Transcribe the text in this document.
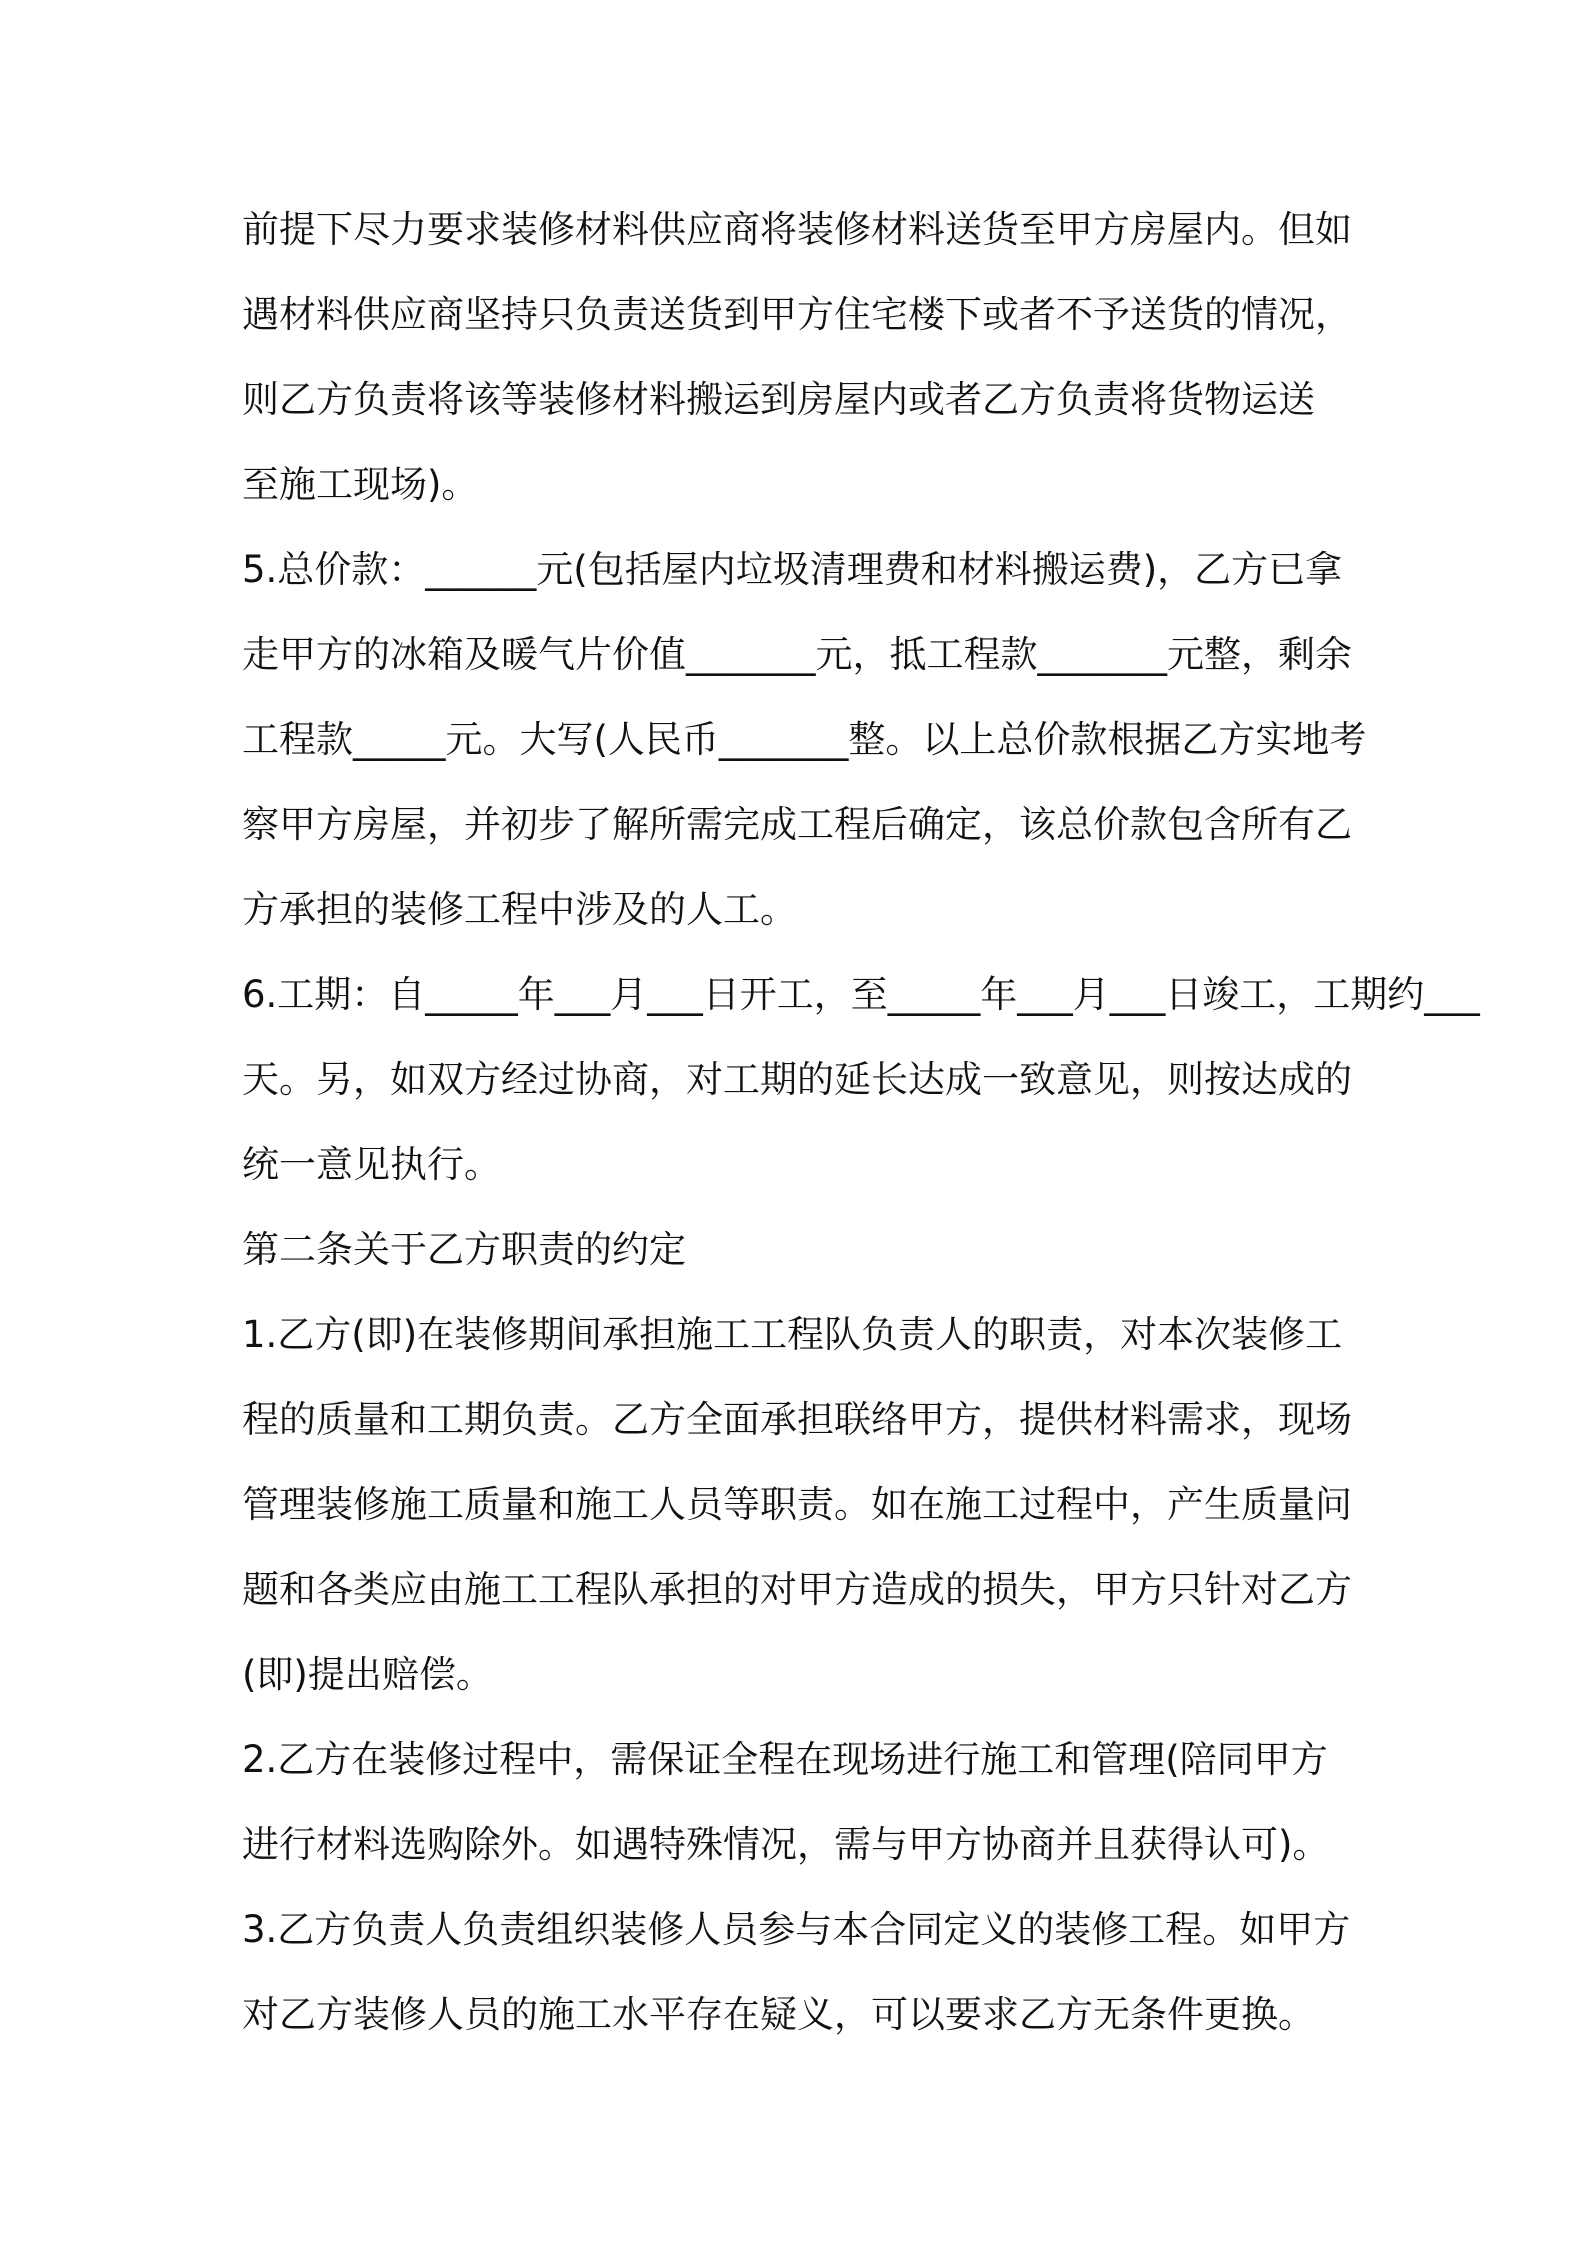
前提下尽力要求装修材料供应商将装修材料送货至甲方房屋内。但如
遇材料供应商坚持只负责送货到甲方住宅楼下或者不予送货的情况，
则乙方负责将该等装修材料搬运到房屋内或者乙方负责将货物运送
至施工现场)。
5.总价款：______元(包括屋内垃圾清理费和材料搬运费)，乙方已拿
走甲方的冰箱及暖气片价值_______元，抵工程款_______元整，剩余
工程款_____元。大写(人民币_______整。以上总价款根据乙方实地考
察甲方房屋，并初步了解所需完成工程后确定，该总价款包含所有乙
方承担的装修工程中涉及的人工。
6.工期：自_____年___月___日开工，至_____年___月___日竣工，工期约___
天。另，如双方经过协商，对工期的延长达成一致意见，则按达成的
统一意见执行。
第二条关于乙方职责的约定
1.乙方(即)在装修期间承担施工工程队负责人的职责，对本次装修工
程的质量和工期负责。乙方全面承担联络甲方，提供材料需求，现场
管理装修施工质量和施工人员等职责。如在施工过程中，产生质量问
题和各类应由施工工程队承担的对甲方造成的损失，甲方只针对乙方
(即)提出赔偿。
2.乙方在装修过程中，需保证全程在现场进行施工和管理(陪同甲方
进行材料选购除外。如遇特殊情况，需与甲方协商并且获得认可)。
3.乙方负责人负责组织装修人员参与本合同定义的装修工程。如甲方
对乙方装修人员的施工水平存在疑义，可以要求乙方无条件更换。
